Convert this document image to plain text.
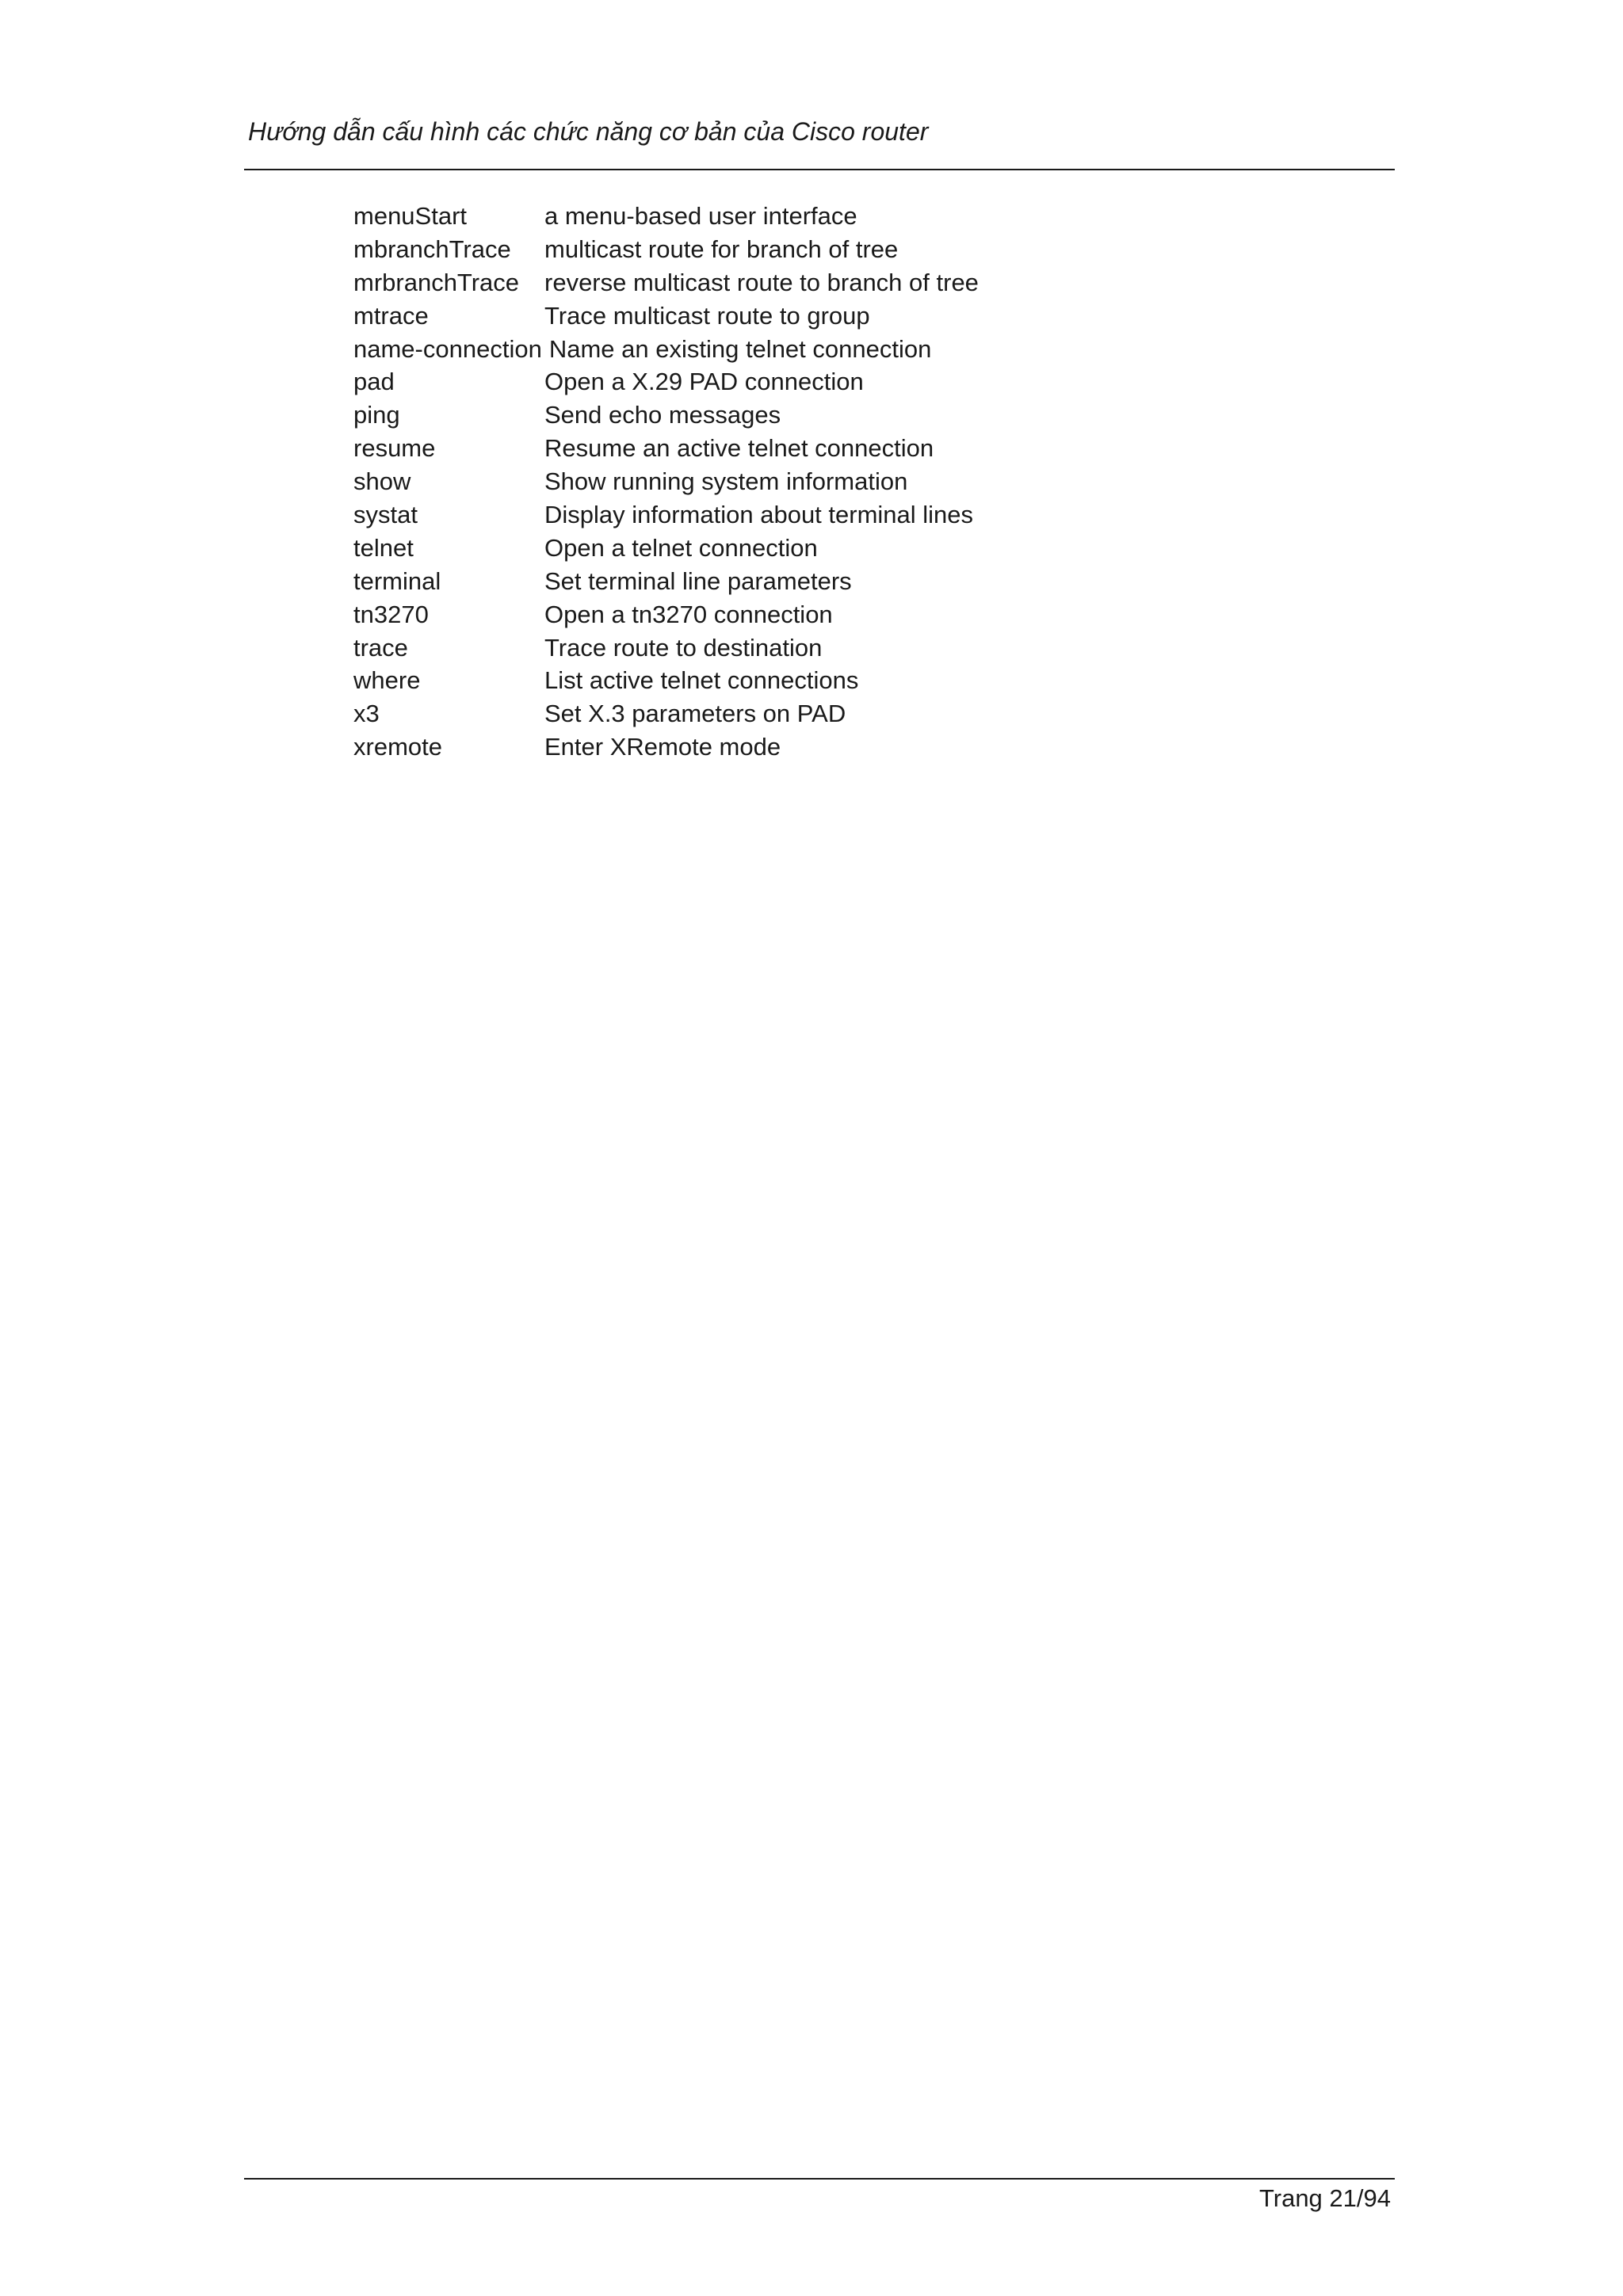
Hướng dẫn cấu hình các chức năng cơ bản của Cisco router
menuStart	a menu-based user interface
mbranchTrace multicast route for branch of tree
mrbranchTrace reverse multicast route to branch of tree
mtrace	Trace multicast route to group
name-connection Name an existing telnet connection
pad	Open a X.29 PAD connection
ping	Send echo messages
resume	Resume an active telnet connection
show	Show running system information
systat	Display information about terminal lines
telnet	Open a telnet connection
terminal	Set terminal line parameters
tn3270	Open a tn3270 connection
trace	Trace route to destination
where	List active telnet connections
x3	Set X.3 parameters on PAD
xremote	Enter XRemote mode
Trang 21/94
